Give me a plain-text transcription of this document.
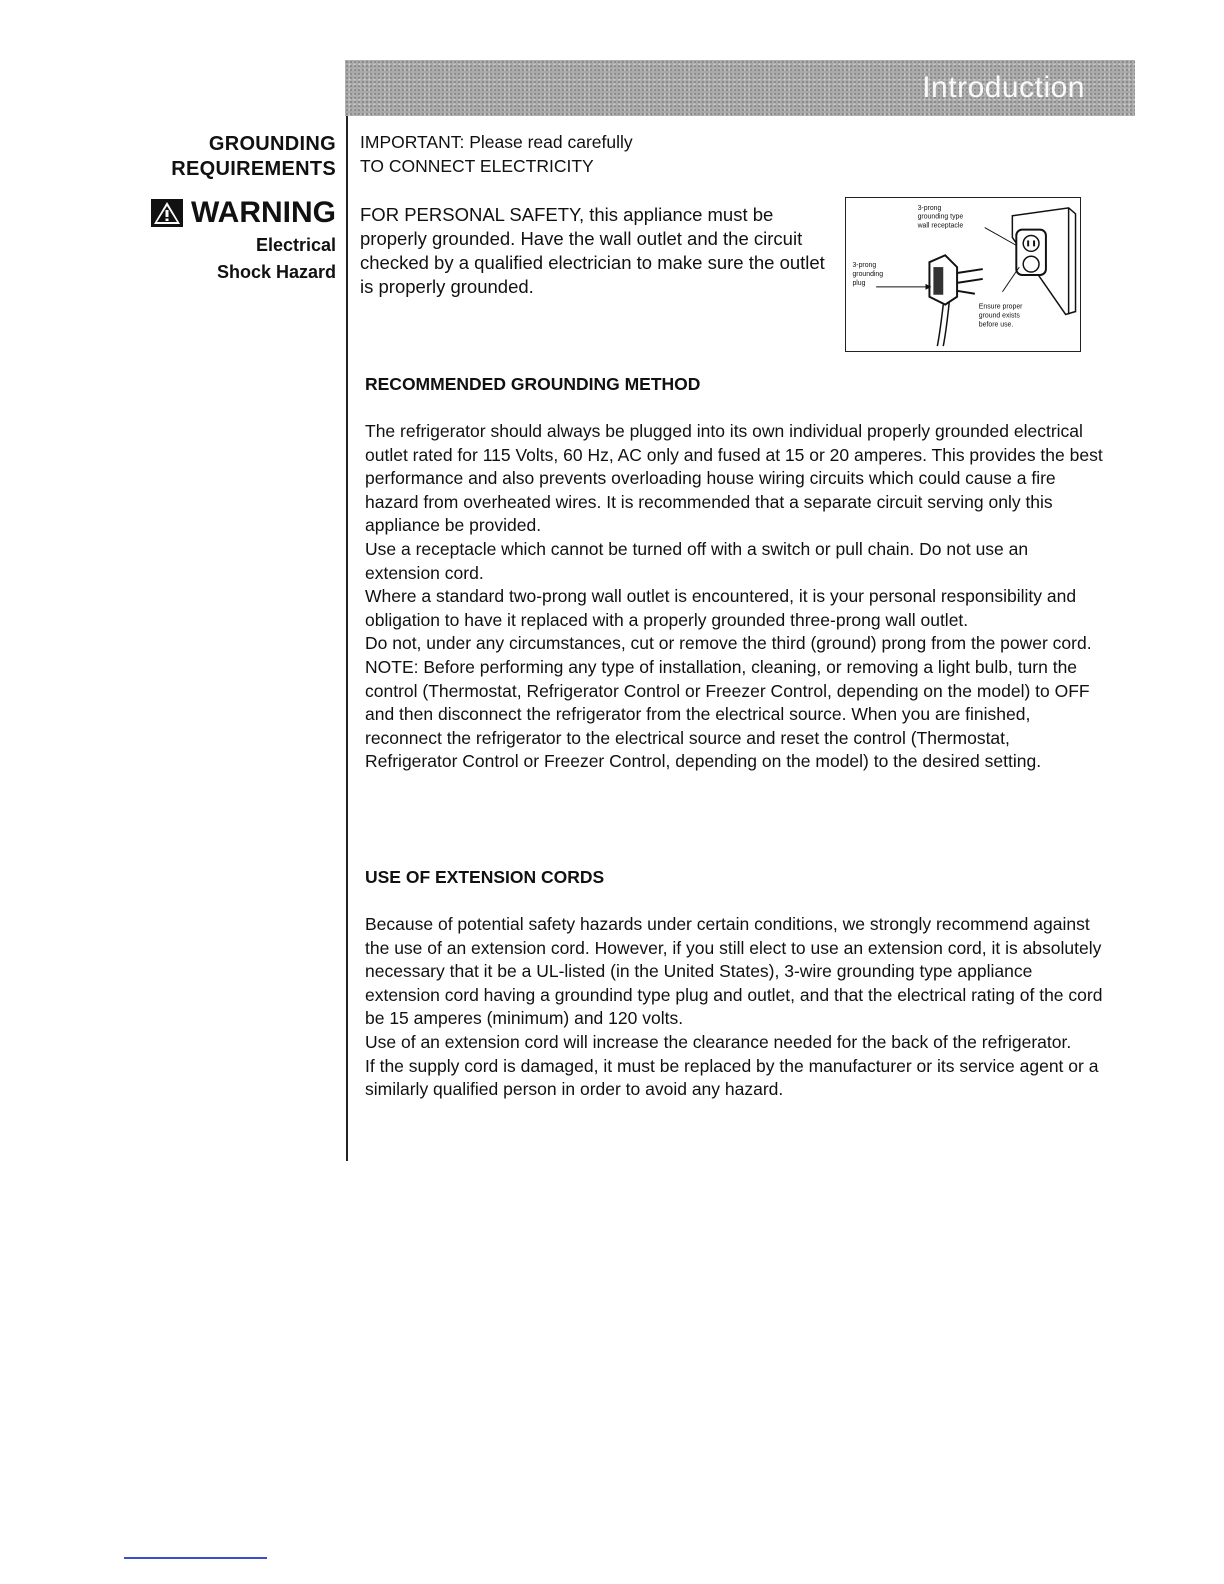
Introduction
GROUNDING
REQUIREMENTS
WARNING
Electrical
Shock Hazard
IMPORTANT: Please read carefully
TO CONNECT ELECTRICITY
FOR PERSONAL SAFETY, this appliance must be properly grounded. Have the wall outlet and the circuit checked by a qualified electrician to make sure the outlet is properly grounded.
3-prong
grounding type
wall receptacle
3-prong
grounding
plug
Ensure proper
ground exists
before use.
RECOMMENDED GROUNDING METHOD

The refrigerator should always be plugged into its own individual properly grounded electrical outlet rated for 115 Volts, 60 Hz, AC only and fused at 15 or 20 amperes. This provides the best performance and also prevents overloading house wiring circuits which could cause a fire hazard from overheated wires. It is recommended that a separate circuit serving only this appliance be provided.

Use a receptacle which cannot be turned off with a switch or pull chain. Do not use an extension cord.

Where a standard two-prong wall outlet is encountered, it is your personal responsibility and obligation to have it replaced with a properly grounded three-prong wall outlet.

Do not, under any circumstances, cut or remove the third (ground) prong from the power cord.

NOTE: Before performing any type of installation, cleaning, or removing a light bulb, turn the control (Thermostat, Refrigerator Control or Freezer Control, depending on the model) to OFF and then disconnect the refrigerator from the electrical source. When you are finished, reconnect the refrigerator to the electrical source and reset the control (Thermostat, Refrigerator Control or Freezer Control, depending on the model) to the desired setting.

USE OF EXTENSION CORDS

Because of potential safety hazards under certain conditions, we strongly recommend against the use of an extension cord. However, if you still elect to use an extension cord, it is absolutely necessary that it be a UL-listed (in the United States), 3-wire grounding type appliance extension cord having a groundind type plug and outlet, and that the electrical rating of the cord be 15 amperes (minimum) and 120 volts.

Use of an extension cord will increase the clearance needed for the back of the refrigerator.

If the supply cord is damaged, it must be replaced by the manufacturer or its service agent or a similarly qualified person in order to avoid any hazard.
